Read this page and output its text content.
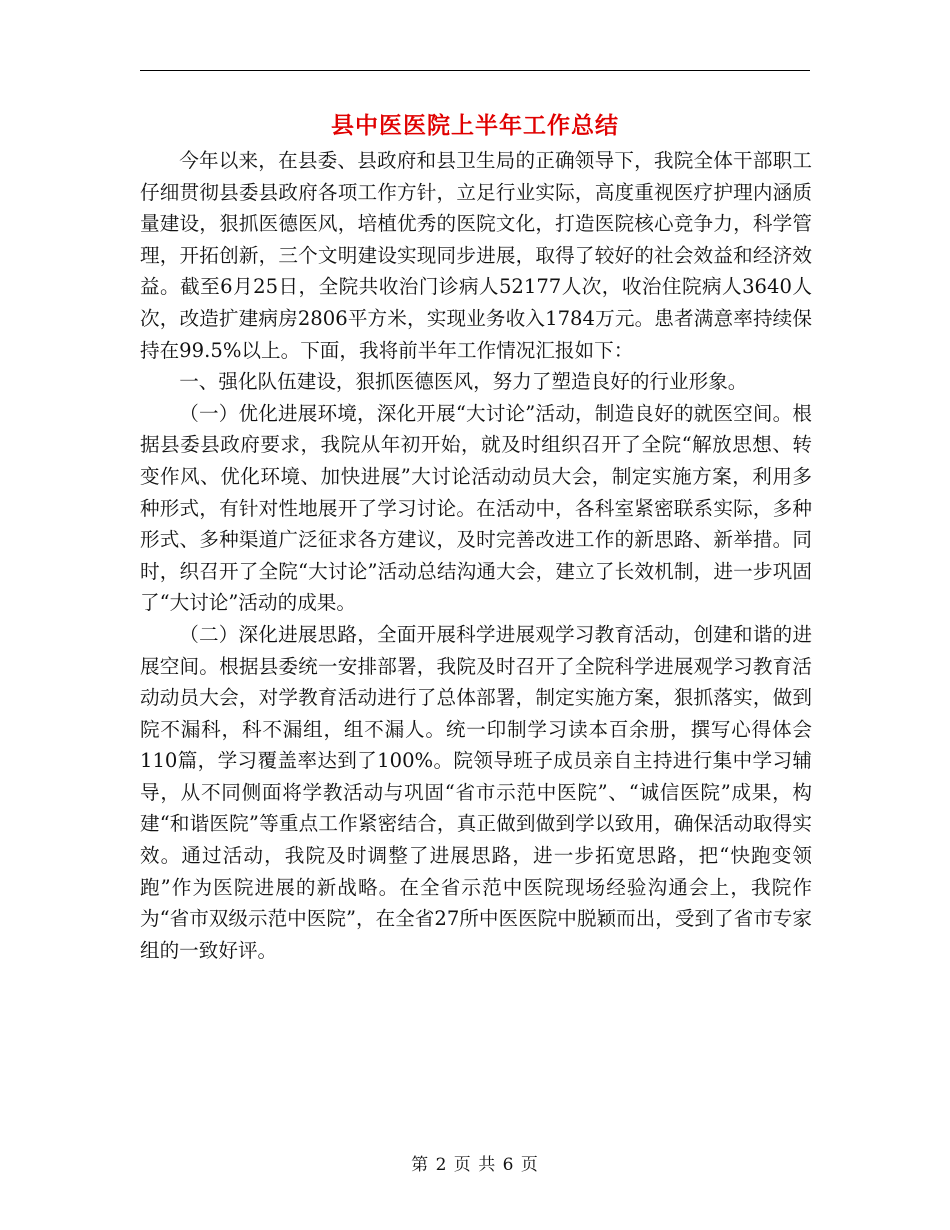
县中医医院上半年工作总结

今年以来，在县委、县政府和县卫生局的正确领导下，我院全体干部职工仔细贯彻县委县政府各项工作方针，立足行业实际，高度重视医疗护理内涵质量建设，狠抓医德医风，培植优秀的医院文化，打造医院核心竞争力，科学管理，开拓创新，三个文明建设实现同步进展，取得了较好的社会效益和经济效益。截至6月25日，全院共收治门诊病人52177人次，收治住院病人3640人次，改造扩建病房2806平方米，实现业务收入1784万元。患者满意率持续保持在99.5%以上。下面，我将前半年工作情况汇报如下：

一、强化队伍建设，狠抓医德医风，努力了塑造良好的行业形象。

（一）优化进展环境，深化开展“大讨论”活动，制造良好的就医空间。根据县委县政府要求，我院从年初开始，就及时组织召开了全院“解放思想、转变作风、优化环境、加快进展”大讨论活动动员大会，制定实施方案，利用多种形式，有针对性地展开了学习讨论。在活动中，各科室紧密联系实际，多种形式、多种渠道广泛征求各方建议，及时完善改进工作的新思路、新举措。同时，织召开了全院“大讨论”活动总结沟通大会，建立了长效机制，进一步巩固了“大讨论”活动的成果。

（二）深化进展思路，全面开展科学进展观学习教育活动，创建和谐的进展空间。根据县委统一安排部署，我院及时召开了全院科学进展观学习教育活动动员大会，对学教育活动进行了总体部署，制定实施方案，狠抓落实，做到院不漏科，科不漏组，组不漏人。统一印制学习读本百余册，撰写心得体会110篇，学习覆盖率达到了100%。院领导班子成员亲自主持进行集中学习辅导，从不同侧面将学教活动与巩固“省市示范中医院”、“诚信医院”成果，构建“和谐医院”等重点工作紧密结合，真正做到做到学以致用，确保活动取得实效。通过活动，我院及时调整了进展思路，进一步拓宽思路，把“快跑变领跑”作为医院进展的新战略。在全省示范中医院现场经验沟通会上，我院作为“省市双级示范中医院”，在全省27所中医医院中脱颖而出，受到了省市专家组的一致好评。

第 2 页 共 6 页
